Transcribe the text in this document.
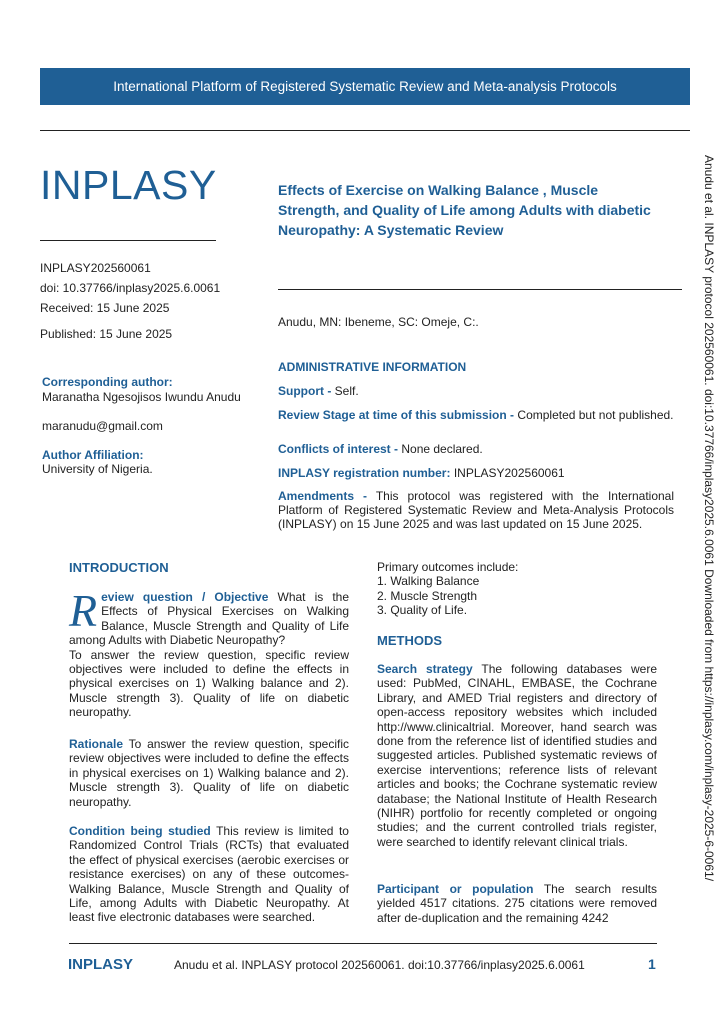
International Platform of Registered Systematic Review and Meta-analysis Protocols
INPLASY
INPLASY202560061
doi: 10.37766/inplasy2025.6.0061
Received: 15 June 2025
Published: 15 June 2025
Effects of Exercise on Walking Balance , Muscle Strength, and Quality of Life among Adults with diabetic Neuropathy: A Systematic Review
Anudu, MN: Ibeneme, SC: Omeje, C:.
Corresponding author:
Maranatha Ngesojisos Iwundu Anudu
maranudu@gmail.com
Author Affiliation:
University of Nigeria.
ADMINISTRATIVE INFORMATION
Support - Self.
Review Stage at time of this submission - Completed but not published.
Conflicts of interest - None declared.
INPLASY registration number: INPLASY202560061
Amendments - This protocol was registered with the International Platform of Registered Systematic Review and Meta-Analysis Protocols (INPLASY) on 15 June 2025 and was last updated on 15 June 2025.
INTRODUCTION
R eview question / Objective What is the Effects of Physical Exercises on Walking Balance, Muscle Strength and Quality of Life among Adults with Diabetic Neuropathy?

To answer the review question, specific review objectives were included to define the effects in physical exercises on 1) Walking balance and 2). Muscle strength 3). Quality of life on diabetic neuropathy.

Rationale To answer the review question, specific review objectives were included to define the effects in physical exercises on 1) Walking balance and 2). Muscle strength 3). Quality of life on diabetic neuropathy.
Condition being studied This review is limited to Randomized Control Trials (RCTs) that evaluated the effect of physical exercises (aerobic exercises or resistance exercises) on any of these outcomes- Walking Balance, Muscle Strength and Quality of Life, among Adults with Diabetic Neuropathy. At least five electronic databases were searched.

Primary outcomes include:

1. Walking Balance

2. Muscle Strength

3. Quality of Life.

METHODS
Search strategy The following databases were used: PubMed, CINAHL, EMBASE, the Cochrane Library, and AMED Trial registers and directory of open-access repository websites which included http://www.clinicaltrial. Moreover, hand search was done from the reference list of identified studies and suggested articles. Published systematic reviews of exercise interventions; reference lists of relevant articles and books; the Cochrane systematic review database; the National Institute of Health Research (NIHR) portfolio for recently completed or ongoing studies; and the current controlled trials register, were searched to identify relevant clinical trials.
Participant or population The search results yielded 4517 citations. 275 citations were removed after de-duplication and the remaining 4242
Anudu et al. INPLASY protocol 202560061. doi:10.37766/inplasy2025.6.0061 Downloaded from https://inplasy.com/inplasy-2025-6-0061/
INPLASY	Anudu et al. INPLASY protocol 202560061. doi:10.37766/inplasy2025.6.0061	1
